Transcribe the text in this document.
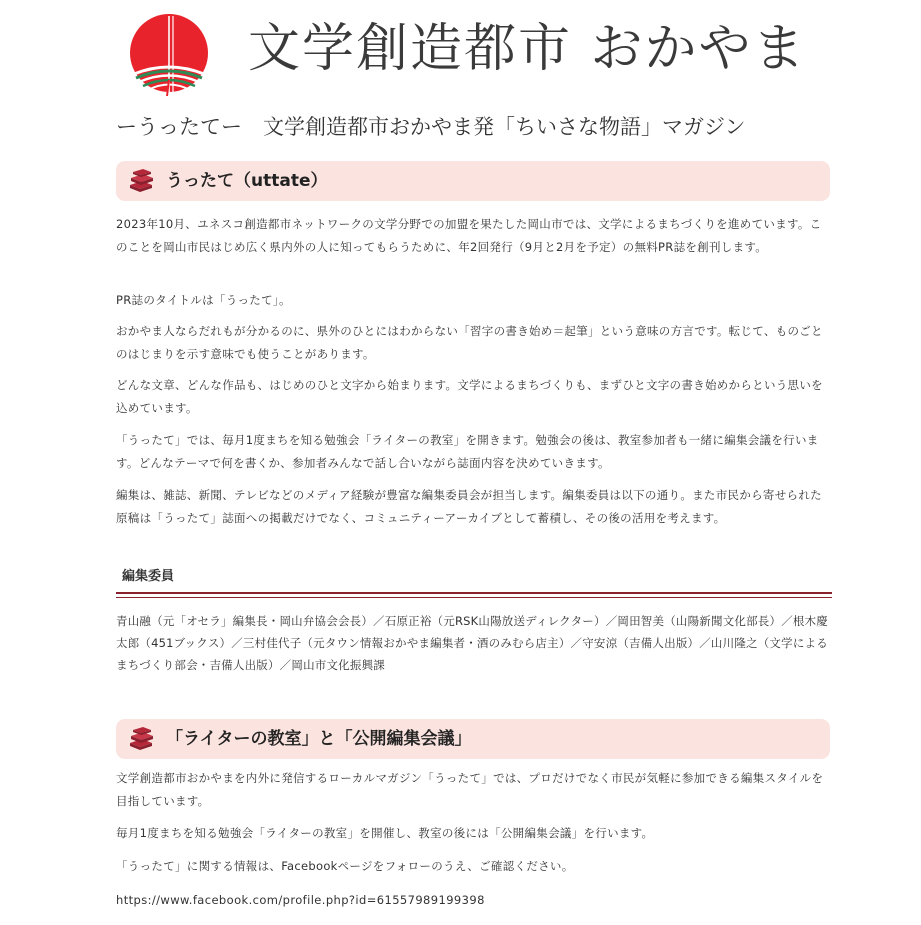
文学創造都市 おかやま
ーうったてー　文学創造都市おかやま発「ちいさな物語」マガジン
うったて（uttate）
2023年10月、ユネスコ創造都市ネットワークの文学分野での加盟を果たした岡山市では、文学によるまちづくりを進めています。このことを岡山市民はじめ広く県内外の人に知ってもらうために、年2回発行（9月と2月を予定）の無料PR誌を創刊します。
PR誌のタイトルは「うったて」。
おかやま人ならだれもが分かるのに、県外のひとにはわからない「習字の書き始め＝起筆」という意味の方言です。転じて、ものごとのはじまりを示す意味でも使うことがあります。
どんな文章、どんな作品も、はじめのひと文字から始まります。文学によるまちづくりも、まずひと文字の書き始めからという思いを込めています。
「うったて」では、毎月1度まちを知る勉強会「ライターの教室」を開きます。勉強会の後は、教室参加者も一緒に編集会議を行います。どんなテーマで何を書くか、参加者みんなで話し合いながら誌面内容を決めていきます。
編集は、雑誌、新聞、テレビなどのメディア経験が豊富な編集委員会が担当します。編集委員は以下の通り。また市民から寄せられた原稿は「うったて」誌面への掲載だけでなく、コミュニティーアーカイブとして蓄積し、その後の活用を考えます。
編集委員
青山融（元「オセラ」編集長・岡山弁協会会長）／石原正裕（元RSK山陽放送ディレクター）／岡田智美（山陽新聞文化部長）／根木慶太郎（451ブックス）／三村佳代子（元タウン情報おかやま編集者・酒のみむら店主）／守安涼（吉備人出版）／山川隆之（文学によるまちづくり部会・吉備人出版）／岡山市文化振興課
「ライターの教室」と「公開編集会議」
文学創造都市おかやまを内外に発信するローカルマガジン「うったて」では、プロだけでなく市民が気軽に参加できる編集スタイルを目指しています。
毎月1度まちを知る勉強会「ライターの教室」を開催し、教室の後には「公開編集会議」を行います。
「うったて」に関する情報は、Facebookページをフォローのうえ、ご確認ください。
https://www.facebook.com/profile.php?id=61557989199398
